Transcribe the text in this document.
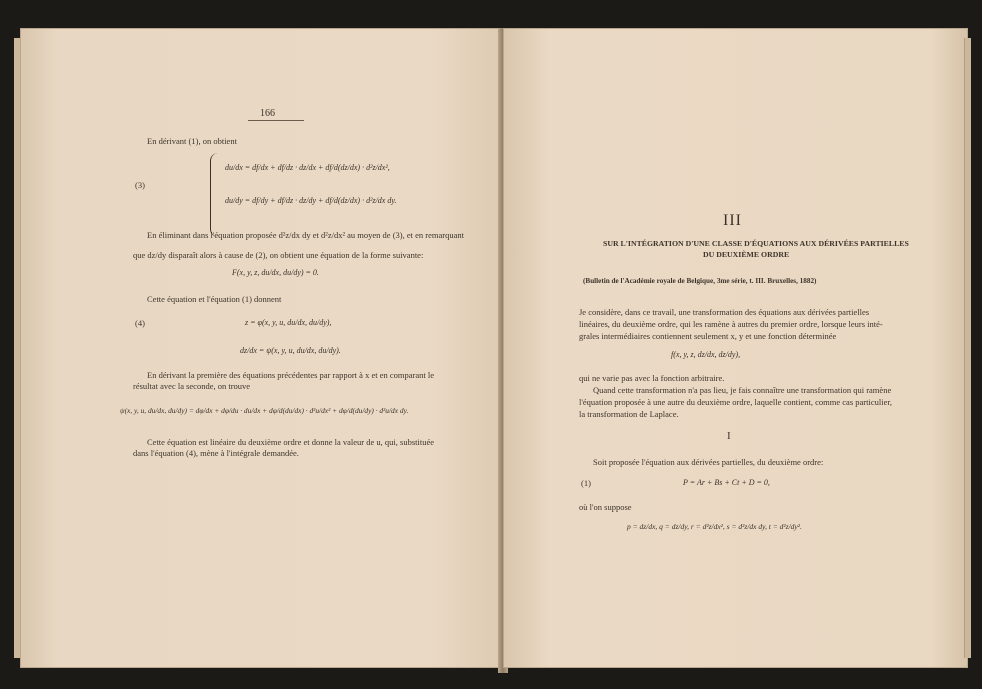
166
En dérivant (1), on obtient
(3)
du/dx = df/dx + df/dz · dz/dx + df/d(dz/dx) · d²z/dx²,
du/dy = df/dy + df/dz · dz/dy + df/d(dz/dx) · d²z/dx dy.
En éliminant dans l'équation proposée d²z/dx dy et d²z/dx² au moyen de (3), et en remarquant
que dz/dy disparaît alors à cause de (2), on obtient une équation de la forme suivante:
F(x, y, z, du/dx, du/dy) = 0.
Cette équation et l'équation (1) donnent
(4)	z = φ(x, y, u, du/dx, du/dy),
dz/dx = ψ(x, y, u, du/dx, du/dy).
En dérivant la première des équations précédentes par rapport à x et en comparant le
résultat avec la seconde, on trouve
ψ(x, y, u, du/dx, du/dy) = dφ/dx + dφ/du · du/dx + dφ/d(du/dx) · d²u/dx² + dφ/d(du/dy) · d²u/dx dy.
Cette équation est linéaire du deuxième ordre et donne la valeur de u, qui, substituée
dans l'équation (4), mène à l'intégrale demandée.
III
SUR L'INTÉGRATION D'UNE CLASSE D'ÉQUATIONS AUX DÉRIVÉES PARTIELLES
DU DEUXIÈME ORDRE
(Bulletin de l'Académie royale de Belgique, 3me série, t. III. Bruxelles, 1882)
Je considère, dans ce travail, une transformation des équations aux dérivées partielles
linéaires, du deuxième ordre, qui les ramène à autres du premier ordre, lorsque leurs inté-
grales intermédiaires contiennent seulement x, y et une fonction déterminée
f(x, y, z, dz/dx, dz/dy),
qui ne varie pas avec la fonction arbitraire.
Quand cette transformation n'a pas lieu, je fais connaître une transformation qui ramène
l'équation proposée à une autre du deuxième ordre, laquelle contient, comme cas particulier,
la transformation de Laplace.
I
Soit proposée l'équation aux dérivées partielles, du deuxième ordre:
(1)	P = Ar + Bs + Ct + D = 0,
où l'on suppose
p = dz/dx, q = dz/dy, r = d²z/dx², s = d²z/dx dy, t = d²z/dy².
